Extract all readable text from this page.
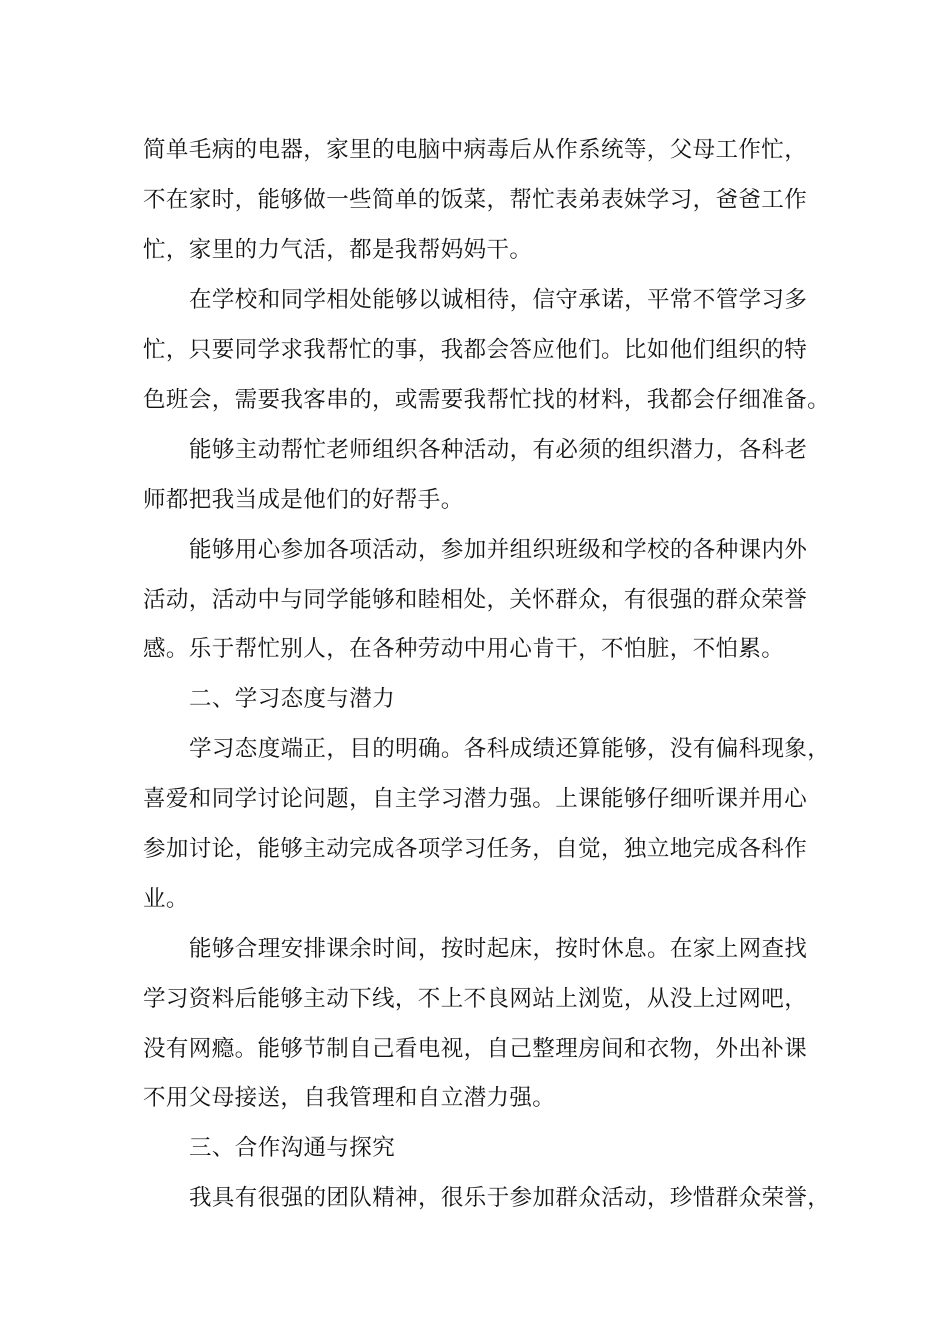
简单毛病的电器，家里的电脑中病毒后从作系统等，父母工作忙，
不在家时，能够做一些简单的饭菜，帮忙表弟表妹学习，爸爸工作
忙，家里的力气活，都是我帮妈妈干。
在学校和同学相处能够以诚相待，信守承诺，平常不管学习多
忙，只要同学求我帮忙的事，我都会答应他们。比如他们组织的特
色班会，需要我客串的，或需要我帮忙找的材料，我都会仔细准备。
能够主动帮忙老师组织各种活动，有必须的组织潜力，各科老
师都把我当成是他们的好帮手。
能够用心参加各项活动，参加并组织班级和学校的各种课内外
活动，活动中与同学能够和睦相处，关怀群众，有很强的群众荣誉
感。乐于帮忙别人，在各种劳动中用心肯干，不怕脏，不怕累。
二、学习态度与潜力
学习态度端正，目的明确。各科成绩还算能够，没有偏科现象，
喜爱和同学讨论问题，自主学习潜力强。上课能够仔细听课并用心
参加讨论，能够主动完成各项学习任务，自觉，独立地完成各科作
业。
能够合理安排课余时间，按时起床，按时休息。在家上网查找
学习资料后能够主动下线，不上不良网站上浏览，从没上过网吧，
没有网瘾。能够节制自己看电视，自己整理房间和衣物，外出补课
不用父母接送，自我管理和自立潜力强。
三、合作沟通与探究
我具有很强的团队精神，很乐于参加群众活动，珍惜群众荣誉，
